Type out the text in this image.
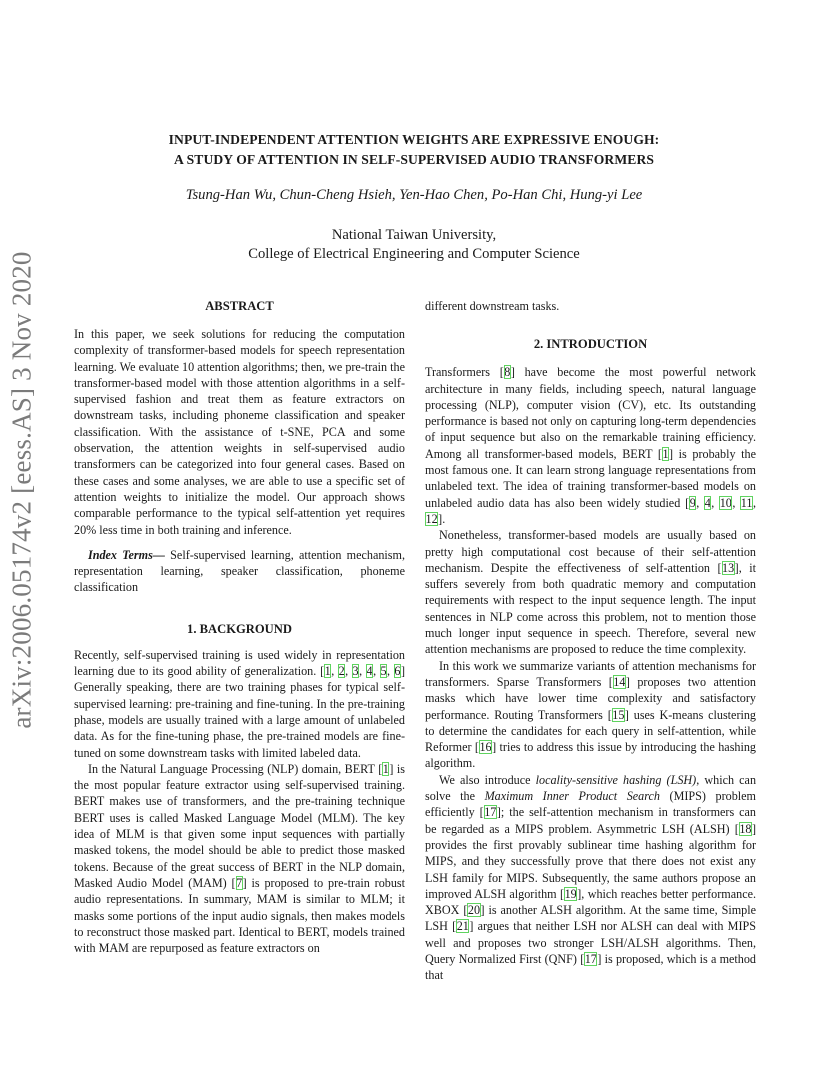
INPUT-INDEPENDENT ATTENTION WEIGHTS ARE EXPRESSIVE ENOUGH:
A STUDY OF ATTENTION IN SELF-SUPERVISED AUDIO TRANSFORMERS
Tsung-Han Wu, Chun-Cheng Hsieh, Yen-Hao Chen, Po-Han Chi, Hung-yi Lee
National Taiwan University,
College of Electrical Engineering and Computer Science
arXiv:2006.05174v2 [eess.AS] 3 Nov 2020	ABSTRACT

In this paper, we seek solutions for reducing the computation complexity of transformer-based models for speech representation learning. We evaluate 10 attention algorithms; then, we pre-train the transformer-based model with those attention algorithms in a self-supervised fashion and treat them as feature extractors on downstream tasks, including phoneme classification and speaker classification. With the assistance of t-SNE, PCA and some observation, the attention weights in self-supervised audio transformers can be categorized into four general cases. Based on these cases and some analyses, we are able to use a specific set of attention weights to initialize the model. Our approach shows comparable performance to the typical self-attention yet requires 20% less time in both training and inference.

Index Terms— Self-supervised learning, attention mechanism, representation learning, speaker classification, phoneme classification

1. BACKGROUND

Recently, self-supervised training is used widely in representation learning due to its good ability of generalization. [1, 2, 3, 4, 5, 6] Generally speaking, there are two training phases for typical self-supervised learning: pre-training and fine-tuning. In the pre-training phase, models are usually trained with a large amount of unlabeled data. As for the fine-tuning phase, the pre-trained models are fine-tuned on some downstream tasks with limited labeled data.

In the Natural Language Processing (NLP) domain, BERT [1] is the most popular feature extractor using self-supervised training. BERT makes use of transformers, and the pre-training technique BERT uses is called Masked Language Model (MLM). The key idea of MLM is that given some input sequences with partially masked tokens, the model should be able to predict those masked tokens. Because of the great success of BERT in the NLP domain, Masked Audio Model (MAM) [7] is proposed to pre-train robust audio representations. In summary, MAM is similar to MLM; it masks some portions of the input audio signals, then makes models to reconstruct those masked part. Identical to BERT, models trained with MAM are repurposed as feature extractors on

different downstream tasks.

2. INTRODUCTION

Transformers [8] have become the most powerful network architecture in many fields, including speech, natural language processing (NLP), computer vision (CV), etc. Its outstanding performance is based not only on capturing long-term dependencies of input sequence but also on the remarkable training efficiency. Among all transformer-based models, BERT [1] is probably the most famous one. It can learn strong language representations from unlabeled text. The idea of training transformer-based models on unlabeled audio data has also been widely studied [9, 4, 10, 11, 12].

Nonetheless, transformer-based models are usually based on pretty high computational cost because of their self-attention mechanism. Despite the effectiveness of self-attention [13], it suffers severely from both quadratic memory and computation requirements with respect to the input sequence length. The input sentences in NLP come across this problem, not to mention those much longer input sequence in speech. Therefore, several new attention mechanisms are proposed to reduce the time complexity.

In this work we summarize variants of attention mechanisms for transformers. Sparse Transformers [14] proposes two attention masks which have lower time complexity and satisfactory performance. Routing Transformers [15] uses K-means clustering to determine the candidates for each query in self-attention, while Reformer [16] tries to address this issue by introducing the hashing algorithm.

We also introduce locality-sensitive hashing (LSH), which can solve the Maximum Inner Product Search (MIPS) problem efficiently [17]; the self-attention mechanism in transformers can be regarded as a MIPS problem. Asymmetric LSH (ALSH) [18] provides the first provably sublinear time hashing algorithm for MIPS, and they successfully prove that there does not exist any LSH family for MIPS. Subsequently, the same authors propose an improved ALSH algorithm [19], which reaches better performance. XBOX [20] is another ALSH algorithm. At the same time, Simple LSH [21] argues that neither LSH nor ALSH can deal with MIPS well and proposes two stronger LSH/ALSH algorithms. Then, Query Normalized First (QNF) [17] is proposed, which is a method that
